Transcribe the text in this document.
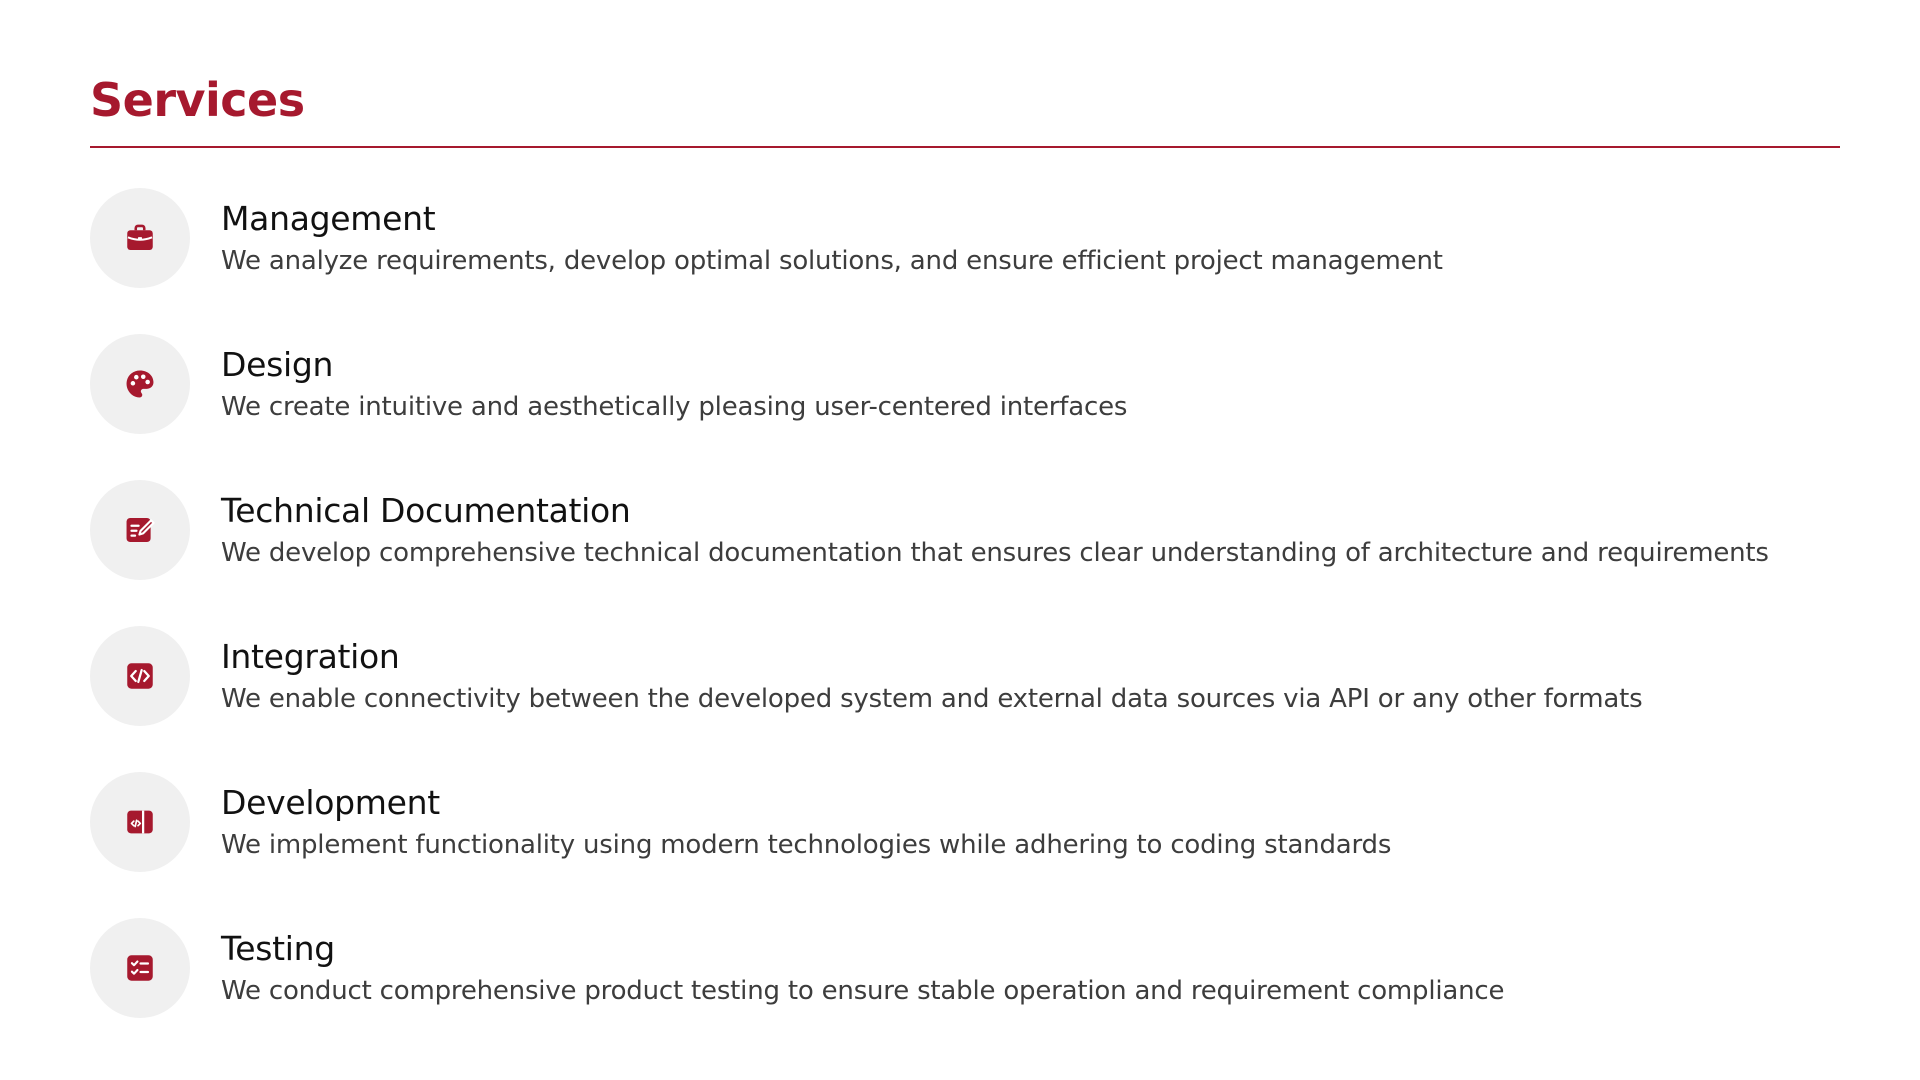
Services
Management
We analyze requirements, develop optimal solutions, and ensure efficient project management
Design
We create intuitive and aesthetically pleasing user-centered interfaces
Technical Documentation
We develop comprehensive technical documentation that ensures clear understanding of architecture and requirements
Integration
We enable connectivity between the developed system and external data sources via API or any other formats
Development
We implement functionality using modern technologies while adhering to coding standards
Testing
We conduct comprehensive product testing to ensure stable operation and requirement compliance
